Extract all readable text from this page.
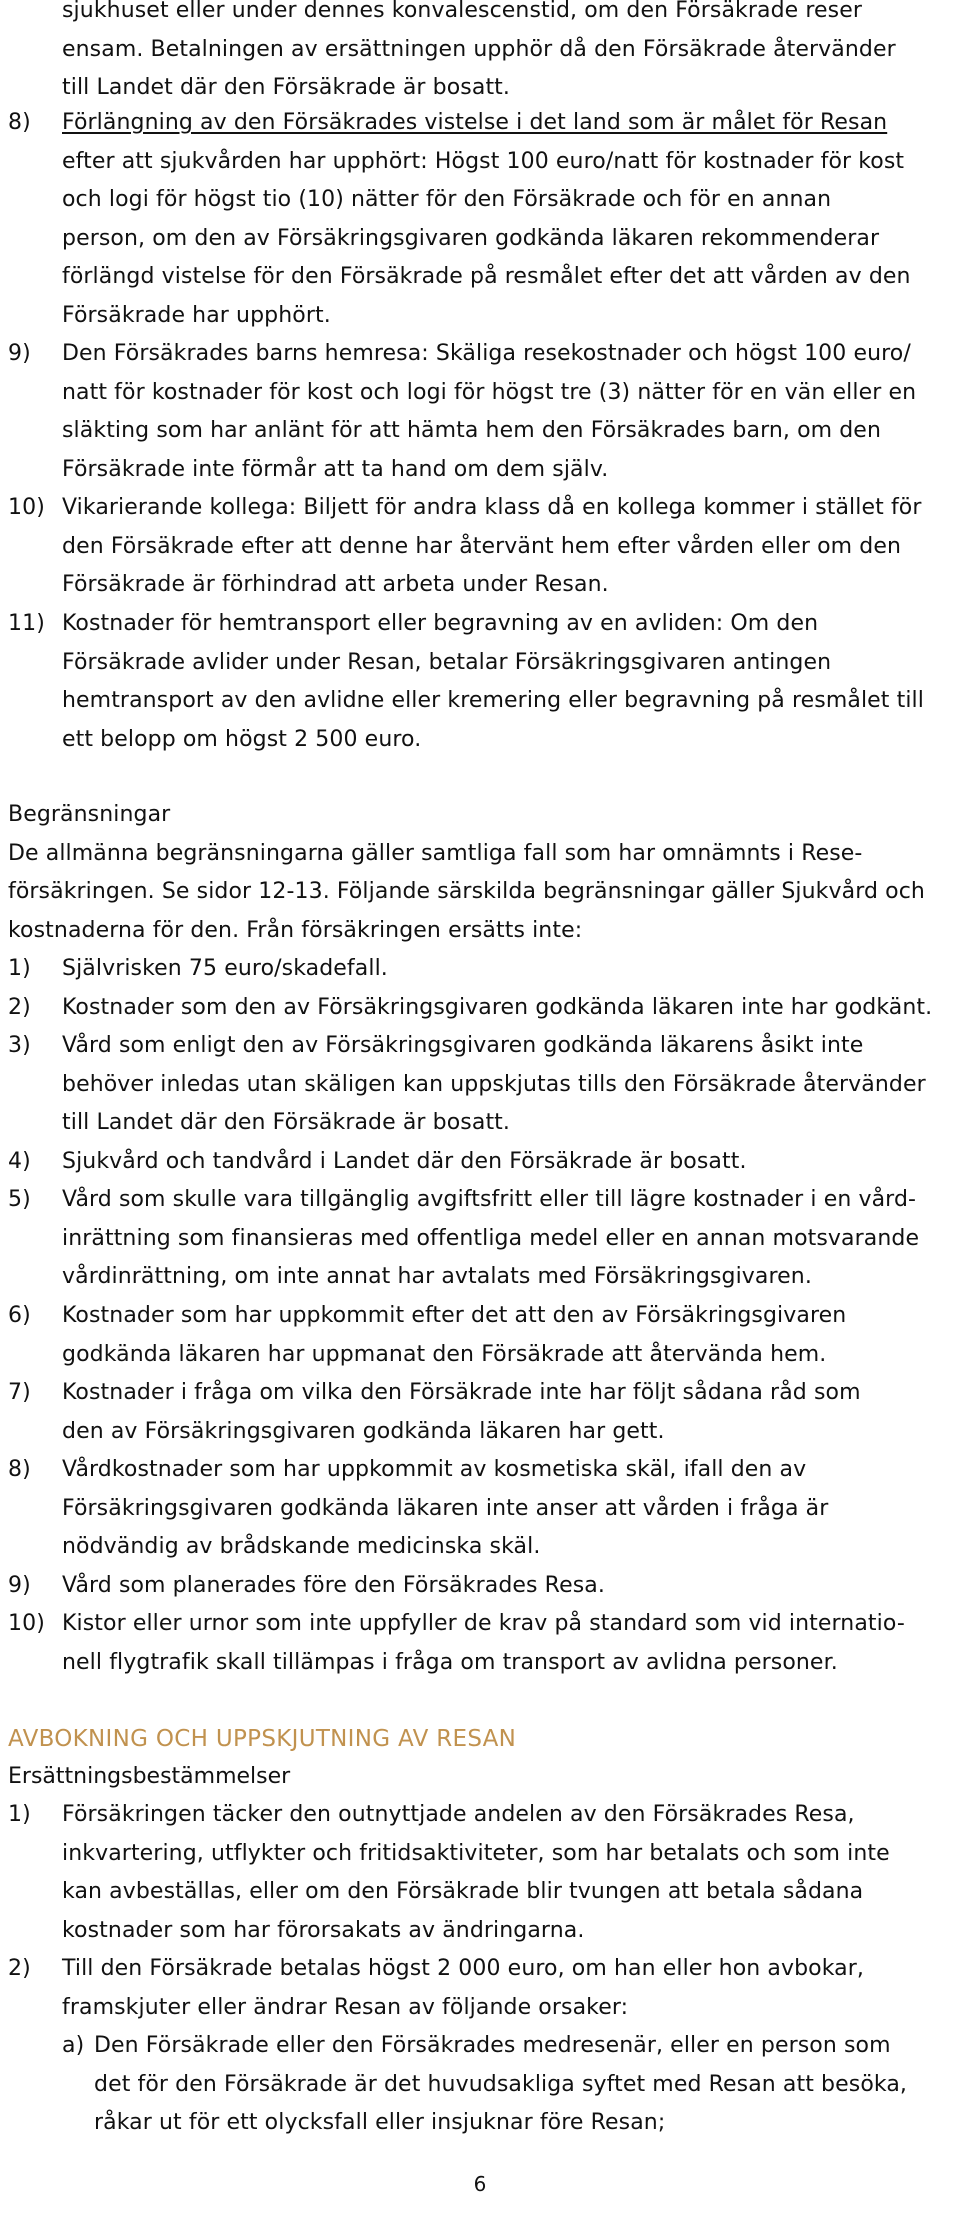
sjukhuset eller under dennes konvalescenstid, om den Försäkrade reser
ensam. Betalningen av ersättningen upphör då den Försäkrade återvänder
till Landet där den Försäkrade är bosatt.
8) Förlängning av den Försäkrades vistelse i det land som är målet för Resan
efter att sjukvården har upphört: Högst 100 euro/natt för kostnader för kost
och logi för högst tio (10) nätter för den Försäkrade och för en annan
person, om den av Försäkringsgivaren godkända läkaren rekommenderar
förlängd vistelse för den Försäkrade på resmålet efter det att vården av den
Försäkrade har upphört.
9) Den Försäkrades barns hemresa: Skäliga resekostnader och högst 100 euro/
natt för kostnader för kost och logi för högst tre (3) nätter för en vän eller en
släkting som har anlänt för att hämta hem den Försäkrades barn, om den
Försäkrade inte förmår att ta hand om dem själv.
10) Vikarierande kollega: Biljett för andra klass då en kollega kommer i stället för
den Försäkrade efter att denne har återvänt hem efter vården eller om den
Försäkrade är förhindrad att arbeta under Resan.
11) Kostnader för hemtransport eller begravning av en avliden: Om den
Försäkrade avlider under Resan, betalar Försäkringsgivaren antingen
hemtransport av den avlidne eller kremering eller begravning på resmålet till
ett belopp om högst 2 500 euro.
Begränsningar
De allmänna begränsningarna gäller samtliga fall som har omnämnts i Rese-
försäkringen. Se sidor 12-13. Följande särskilda begränsningar gäller Sjukvård och
kostnaderna för den. Från försäkringen ersätts inte:
1) Självrisken 75 euro/skadefall.
2) Kostnader som den av Försäkringsgivaren godkända läkaren inte har godkänt.
3) Vård som enligt den av Försäkringsgivaren godkända läkarens åsikt inte
behöver inledas utan skäligen kan uppskjutas tills den Försäkrade återvänder
till Landet där den Försäkrade är bosatt.
4) Sjukvård och tandvård i Landet där den Försäkrade är bosatt.
5) Vård som skulle vara tillgänglig avgiftsfritt eller till lägre kostnader i en vård-
inrättning som finansieras med offentliga medel eller en annan motsvarande
vårdinrättning, om inte annat har avtalats med Försäkringsgivaren.
6) Kostnader som har uppkommit efter det att den av Försäkringsgivaren
godkända läkaren har uppmanat den Försäkrade att återvända hem.
7) Kostnader i fråga om vilka den Försäkrade inte har följt sådana råd som
den av Försäkringsgivaren godkända läkaren har gett.
8) Vårdkostnader som har uppkommit av kosmetiska skäl, ifall den av
Försäkringsgivaren godkända läkaren inte anser att vården i fråga är
nödvändig av brådskande medicinska skäl.
9) Vård som planerades före den Försäkrades Resa.
10) Kistor eller urnor som inte uppfyller de krav på standard som vid internatio-
nell flygtrafik skall tillämpas i fråga om transport av avlidna personer.
AVBOKNING OCH UPPSKJUTNING AV RESAN
Ersättningsbestämmelser
1) Försäkringen täcker den outnyttjade andelen av den Försäkrades Resa,
inkvartering, utflykter och fritidsaktiviteter, som har betalats och som inte
kan avbeställas, eller om den Försäkrade blir tvungen att betala sådana
kostnader som har förorsakats av ändringarna.
2) Till den Försäkrade betalas högst 2 000 euro, om han eller hon avbokar,
framskjuter eller ändrar Resan av följande orsaker:
a) Den Försäkrade eller den Försäkrades medresenär, eller en person som
det för den Försäkrade är det huvudsakliga syftet med Resan att besöka,
råkar ut för ett olycksfall eller insjuknar före Resan;
6
